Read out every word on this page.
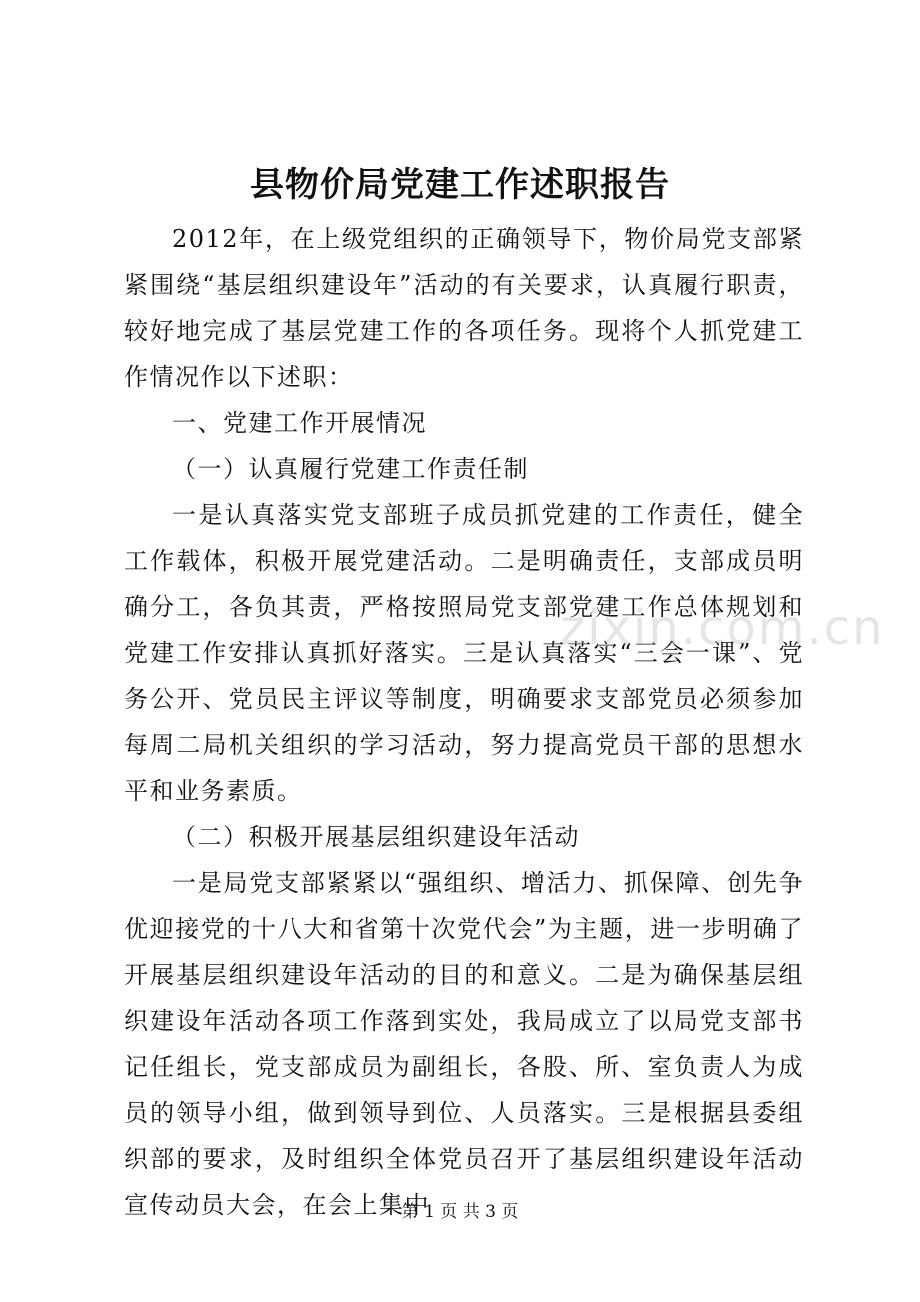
县物价局党建工作述职报告

2012年，在上级党组织的正确领导下，物价局党支部紧紧围绕“基层组织建设年”活动的有关要求，认真履行职责，较好地完成了基层党建工作的各项任务。现将个人抓党建工作情况作以下述职：

一、党建工作开展情况

（一）认真履行党建工作责任制

一是认真落实党支部班子成员抓党建的工作责任，健全工作载体，积极开展党建活动。二是明确责任，支部成员明确分工，各负其责，严格按照局党支部党建工作总体规划和党建工作安排认真抓好落实。三是认真落实“三会一课”、党务公开、党员民主评议等制度，明确要求支部党员必须参加每周二局机关组织的学习活动，努力提高党员干部的思想水平和业务素质。

（二）积极开展基层组织建设年活动

一是局党支部紧紧以“强组织、增活力、抓保障、创先争优迎接党的十八大和省第十次党代会”为主题，进一步明确了开展基层组织建设年活动的目的和意义。二是为确保基层组织建设年活动各项工作落到实处，我局成立了以局党支部书记任组长，党支部成员为副组长，各股、所、室负责人为成员的领导小组，做到领导到位、人员落实。三是根据县委组织部的要求，及时组织全体党员召开了基层组织建设年活动宣传动员大会，在会上集中

zixin.com.cn
第 1 页 共 3 页
